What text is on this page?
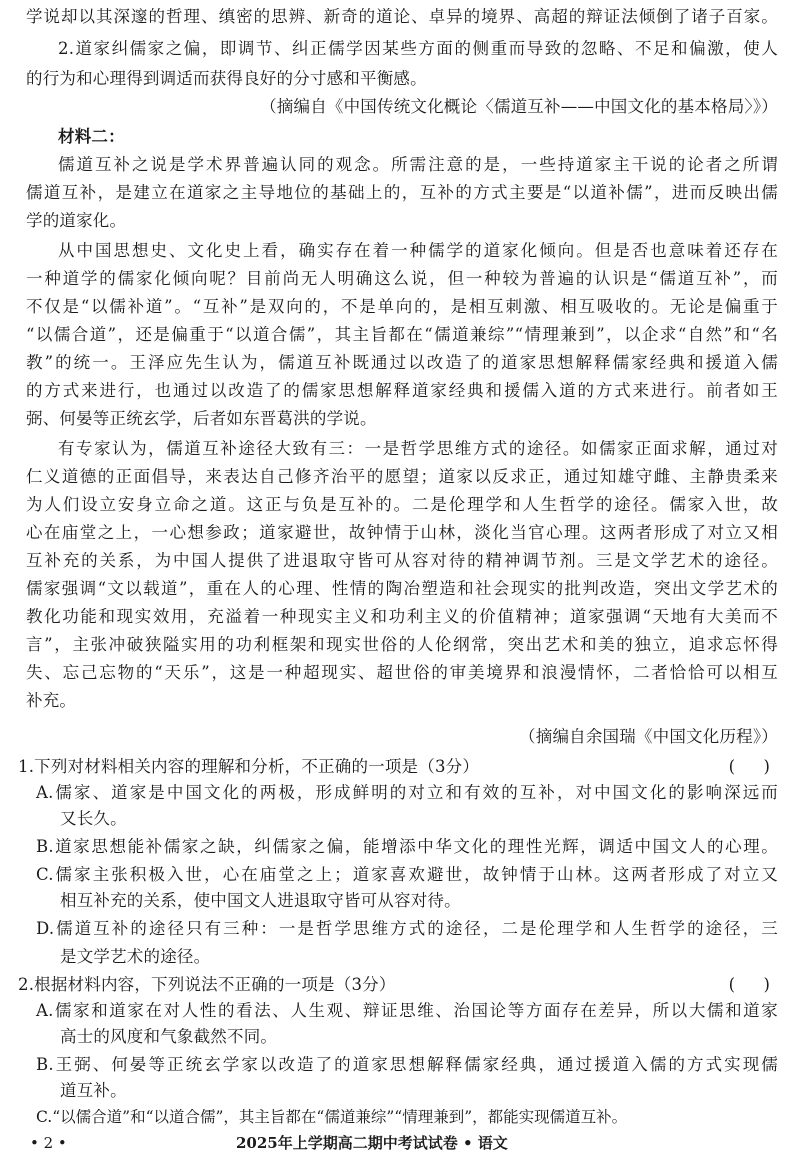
学说却以其深邃的哲理、缜密的思辨、新奇的道论、卓异的境界、高超的辩证法倾倒了诸子百家。
2.道家纠儒家之偏，即调节、纠正儒学因某些方面的侧重而导致的忽略、不足和偏激，使人
的行为和心理得到调适而获得良好的分寸感和平衡感。
（摘编自《中国传统文化概论〈儒道互补——中国文化的基本格局〉》）
材料二：
儒道互补之说是学术界普遍认同的观念。所需注意的是，一些持道家主干说的论者之所谓
儒道互补，是建立在道家之主导地位的基础上的，互补的方式主要是“以道补儒”，进而反映出儒
学的道家化。
从中国思想史、文化史上看，确实存在着一种儒学的道家化倾向。但是否也意味着还存在
一种道学的儒家化倾向呢？目前尚无人明确这么说，但一种较为普遍的认识是“儒道互补”，而
不仅是“以儒补道”。“互补”是双向的，不是单向的，是相互刺激、相互吸收的。无论是偏重于
“以儒合道”，还是偏重于“以道合儒”，其主旨都在“儒道兼综”“情理兼到”，以企求“自然”和“名
教”的统一。王泽应先生认为，儒道互补既通过以改造了的道家思想解释儒家经典和援道入儒
的方式来进行，也通过以改造了的儒家思想解释道家经典和援儒入道的方式来进行。前者如王
弼、何晏等正统玄学，后者如东晋葛洪的学说。
有专家认为，儒道互补途径大致有三：一是哲学思维方式的途径。如儒家正面求解，通过对
仁义道德的正面倡导，来表达自己修齐治平的愿望；道家以反求正，通过知雄守雌、主静贵柔来
为人们设立安身立命之道。这正与负是互补的。二是伦理学和人生哲学的途径。儒家入世，故
心在庙堂之上，一心想参政；道家避世，故钟情于山林，淡化当官心理。这两者形成了对立又相
互补充的关系，为中国人提供了进退取守皆可从容对待的精神调节剂。三是文学艺术的途径。
儒家强调“文以载道”，重在人的心理、性情的陶冶塑造和社会现实的批判改造，突出文学艺术的
教化功能和现实效用，充溢着一种现实主义和功利主义的价值精神；道家强调“天地有大美而不
言”，主张冲破狭隘实用的功利框架和现实世俗的人伦纲常，突出艺术和美的独立，追求忘怀得
失、忘己忘物的“天乐”，这是一种超现实、超世俗的审美境界和浪漫情怀，二者恰恰可以相互
补充。
（摘编自余国瑞《中国文化历程》）
1.下列对材料相关内容的理解和分析，不正确的一项是（3分）	(　)
A.儒家、道家是中国文化的两极，形成鲜明的对立和有效的互补，对中国文化的影响深远而
又长久。
B.道家思想能补儒家之缺，纠儒家之偏，能增添中华文化的理性光辉，调适中国文人的心理。
C.儒家主张积极入世，心在庙堂之上；道家喜欢避世，故钟情于山林。这两者形成了对立又
相互补充的关系，使中国文人进退取守皆可从容对待。
D.儒道互补的途径只有三种：一是哲学思维方式的途径，二是伦理学和人生哲学的途径，三
是文学艺术的途径。
2.根据材料内容，下列说法不正确的一项是（3分）	(　)
A.儒家和道家在对人性的看法、人生观、辩证思维、治国论等方面存在差异，所以大儒和道家
高士的风度和气象截然不同。
B.王弼、何晏等正统玄学家以改造了的道家思想解释儒家经典，通过援道入儒的方式实现儒
道互补。
C.“以儒合道”和“以道合儒”，其主旨都在“儒道兼综”“情理兼到”，都能实现儒道互补。
• 2 •	2025年上学期高二期中考试试卷 • 语文
